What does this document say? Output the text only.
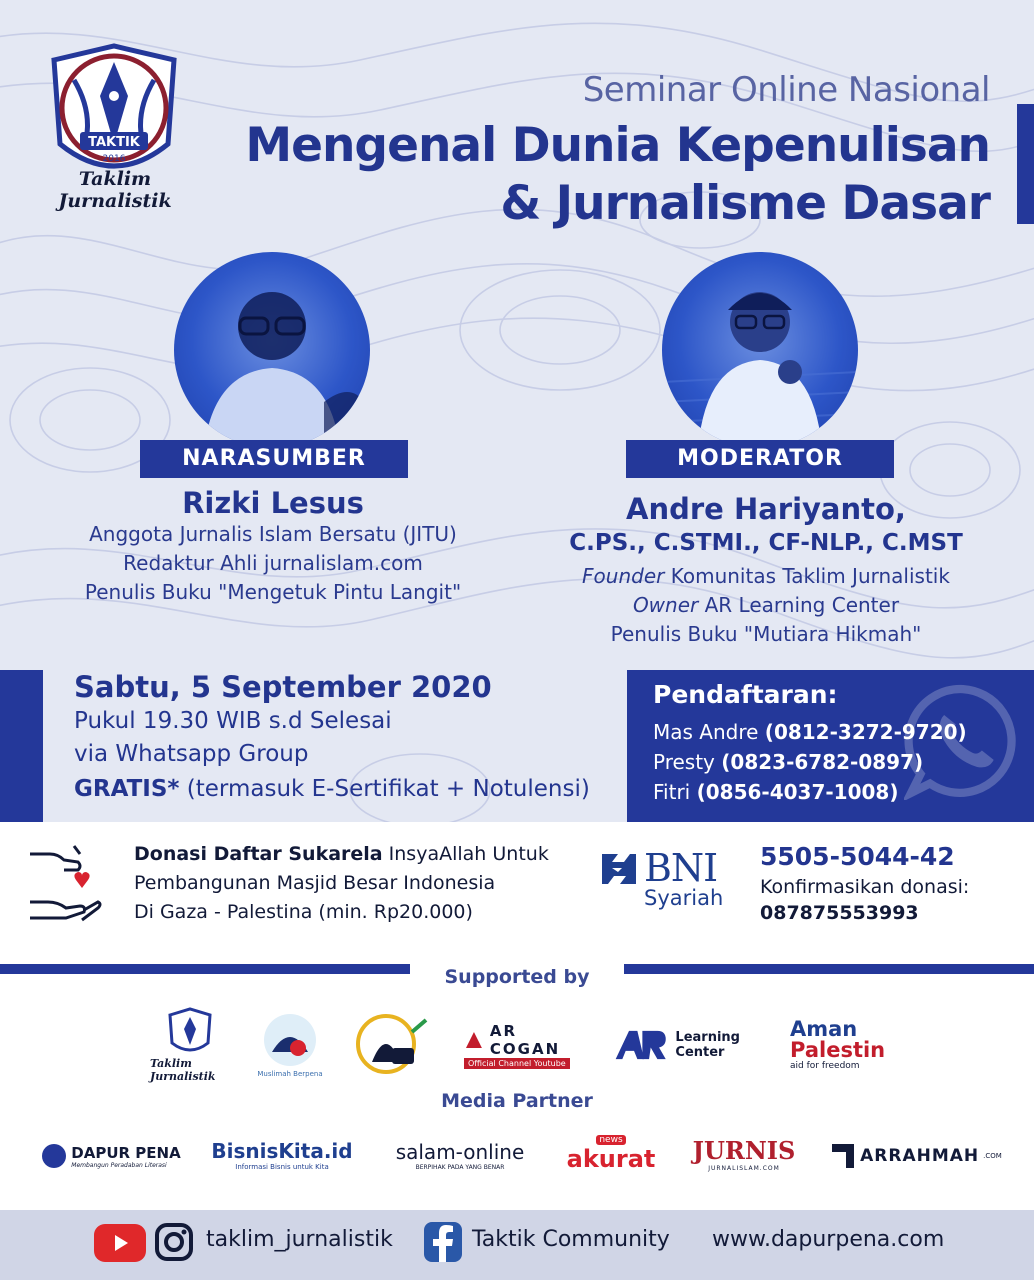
TAKTIK
2016
Taklim Jurnalistik
Seminar Online Nasional
Mengenal Dunia Kepenulisan
& Jurnalisme Dasar
NARASUMBER	MODERATOR
Rizki Lesus
Anggota Jurnalis Islam Bersatu (JITU)
Redaktur Ahli jurnalislam.com
Penulis Buku "Mengetuk Pintu Langit"
Andre Hariyanto,
C.PS., C.STMI., CF-NLP., C.MST
Founder Komunitas Taklim Jurnalistik
Owner AR Learning Center
Penulis Buku "Mutiara Hikmah"
Sabtu, 5 September 2020
Pukul 19.30 WIB s.d Selesai
via Whatsapp Group
GRATIS* (termasuk E-Sertifikat + Notulensi)
Pendaftaran:
Mas Andre (0812-3272-9720)
Presty (0823-6782-0897)
Fitri (0856-4037-1008)
Donasi Daftar Sukarela InsyaAllah Untuk
Pembangunan Masjid Besar Indonesia
Di Gaza - Palestina (min. Rp20.000)
BNI
Syariah
5505-5044-42
Konfirmasikan donasi:
087875553993
Supported by
Taklim Jurnalistik	Muslimah Berpena
AR COGAN
Official Channel Youtube
Learning Center
Aman
Palestin
aid for freedom
Media Partner
DAPUR PENA
Membangun Peradaban Literasi
BisnisKita.id
Informasi Bisnis untuk Kita
salam-online
BERPIHAK PADA YANG BENAR
news
akurat JURNIS
JURNALISLAM.COM
ARRAHMAH .COM
taklim_jurnalistik	Taktik Community www.dapurpena.com
